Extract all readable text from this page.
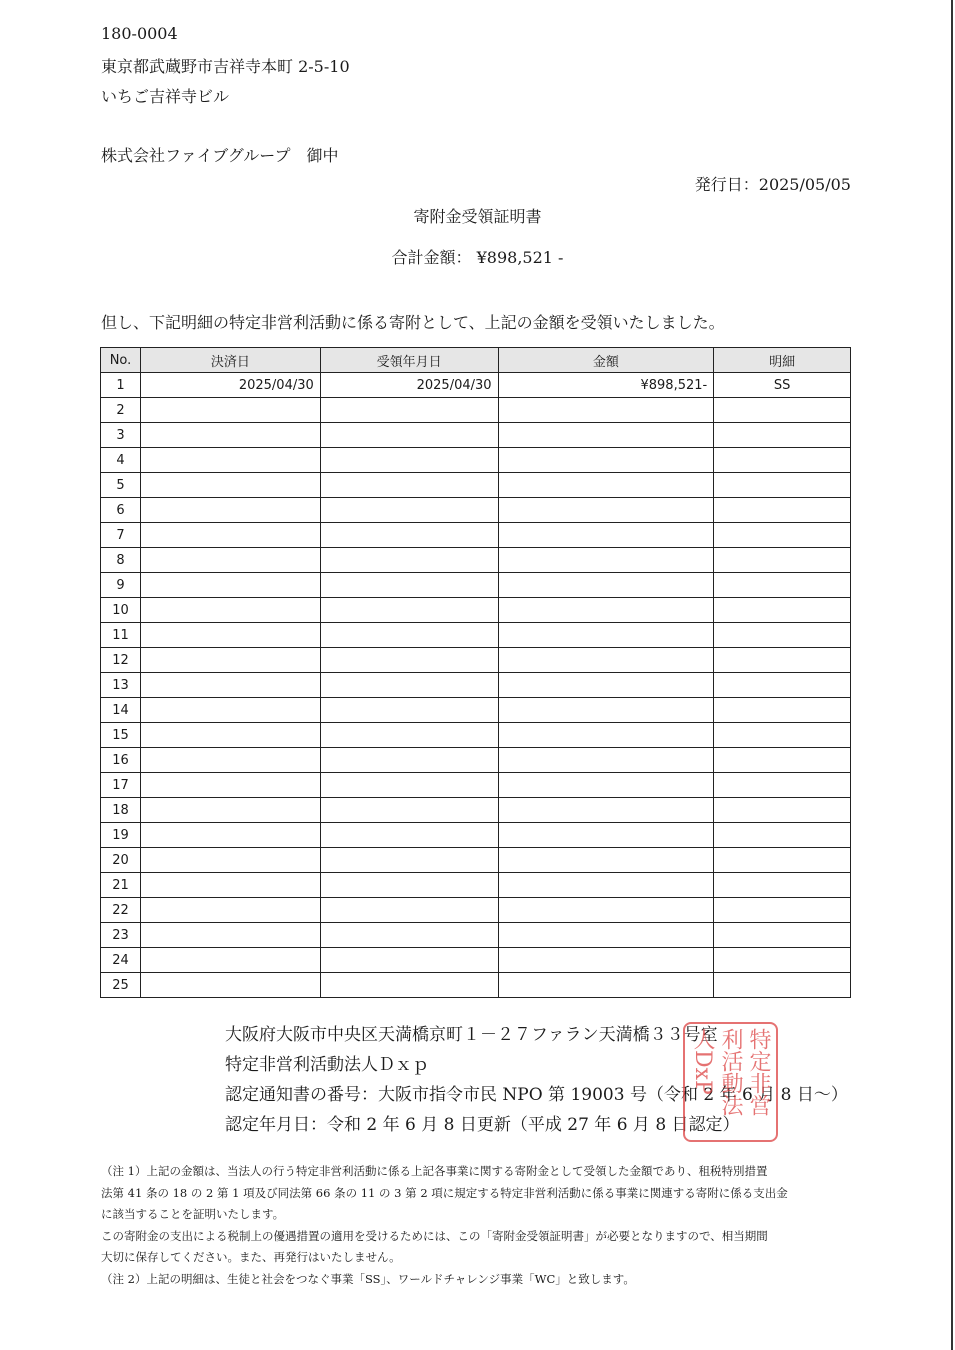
180-0004
東京都武蔵野市吉祥寺本町 2-5-10
いちご吉祥寺ビル
株式会社ファイブグループ　御中
発行日：2025/05/05
寄附金受領証明書
合計金額： ¥898,521 -
但し、下記明細の特定非営利活動に係る寄附として、上記の金額を受領いたしました。
No.	決済日	受領年月日	金額	明細
1	2025/04/30	2025/04/30	¥898,521-	SS
2				
3				
4				
5				
6				
7				
8				
9				
10				
11				
12				
13				
14				
15				
16				
17				
18				
19				
20				
21				
22				
23				
24				
25				
大阪府大阪市中央区天満橋京町１－２７ファラン天満橋３３号室
特定非営利活動法人Ｄｘｐ
認定通知書の番号：大阪市指令市民 NPO 第 19003 号（令和 2 年 6 月 8 日～）
認定年月日：令和 2 年 6 月 8 日更新（平成 27 年 6 月 8 日認定）
特定非営利活動法人DxP
（注 1）上記の金額は、当法人の行う特定非営利活動に係る上記各事業に関する寄附金として受領した金額であり、租税特別措置
法第 41 条の 18 の 2 第 1 項及び同法第 66 条の 11 の 3 第 2 項に規定する特定非営利活動に係る事業に関連する寄附に係る支出金
に該当することを証明いたします。
この寄附金の支出による税制上の優遇措置の適用を受けるためには、この「寄附金受領証明書」が必要となりますので、相当期間
大切に保存してください。また、再発行はいたしません。
（注 2）上記の明細は、生徒と社会をつなぐ事業「SS」、ワールドチャレンジ事業「WC」と致します。
